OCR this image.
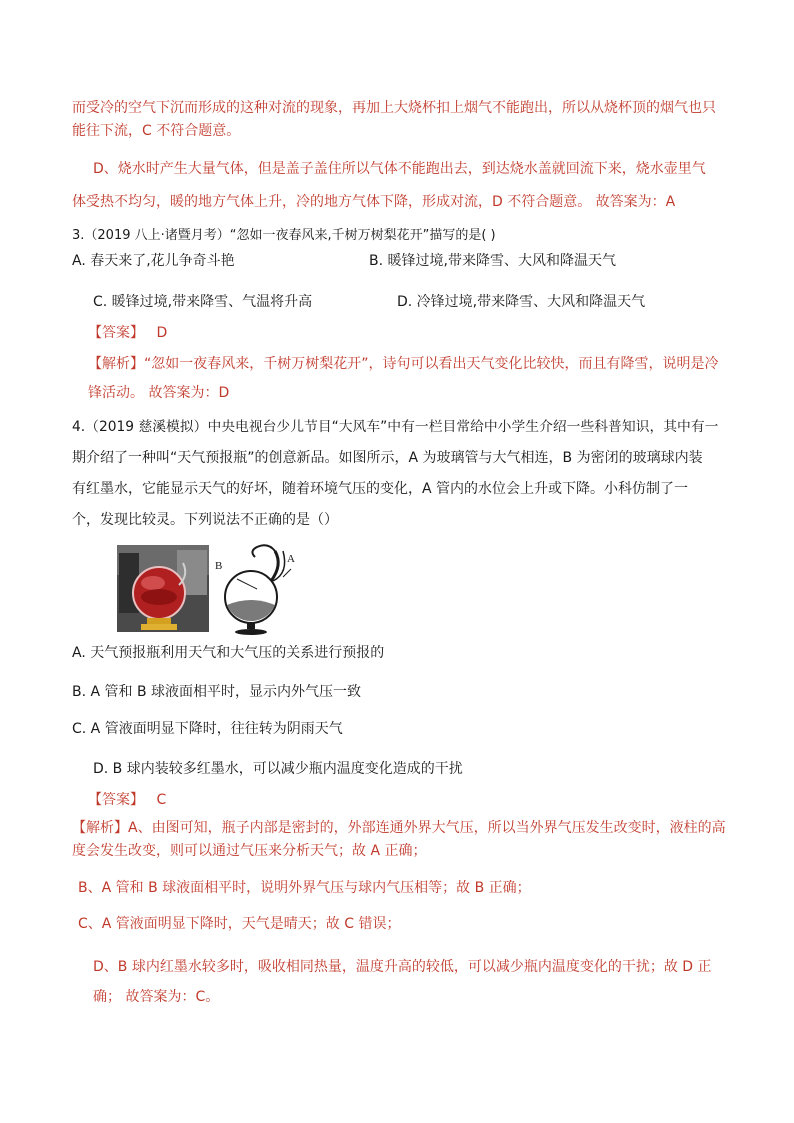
而受冷的空气下沉而形成的这种对流的现象，再加上大烧杯扣上烟气不能跑出，所以从烧杯顶的烟气也只
能往下流，C 不符合题意。
D、烧水时产生大量气体，但是盖子盖住所以气体不能跑出去，到达烧水盖就回流下来，烧水壶里气
体受热不均匀，暖的地方气体上升，冷的地方气体下降，形成对流，D 不符合题意。 故答案为：A
3.（2019 八上·诸暨月考）“忽如一夜春风来,千树万树梨花开”描写的是( )
A. 春天来了,花儿争奇斗艳	B. 暖锋过境,带来降雪、大风和降温天气
C. 暖锋过境,带来降雪、气温将升高	D. 冷锋过境,带来降雪、大风和降温天气
【答案】 D
【解析】“忽如一夜春风来，千树万树梨花开”，诗句可以看出天气变化比较快，而且有降雪，说明是冷
锋活动。 故答案为：D
4.（2019 慈溪模拟）中央电视台少儿节目“大风车”中有一栏目常给中小学生介绍一些科普知识，其中有一
期介绍了一种叫“天气预报瓶”的创意新品。如图所示，A 为玻璃管与大气相连，B 为密闭的玻璃球内装
有红墨水，它能显示天气的好坏，随着环境气压的变化，A 管内的水位会上升或下降。小科仿制了一
个，发现比较灵。下列说法不正确的是（）
B
A
A. 天气预报瓶利用天气和大气压的关系进行预报的
B. A 管和 B 球液面相平时，显示内外气压一致
C. A 管液面明显下降时，往往转为阴雨天气
D. B 球内装较多红墨水，可以减少瓶内温度变化造成的干扰
【答案】 C
【解析】A、由图可知，瓶子内部是密封的，外部连通外界大气压，所以当外界气压发生改变时，液柱的高
度会发生改变，则可以通过气压来分析天气；故 A 正确；
B、A 管和 B 球液面相平时，说明外界气压与球内气压相等；故 B 正确；
C、A 管液面明显下降时，天气是晴天；故 C 错误；
D、B 球内红墨水较多时，吸收相同热量，温度升高的较低，可以减少瓶内温度变化的干扰；故 D 正
确； 故答案为：C。
